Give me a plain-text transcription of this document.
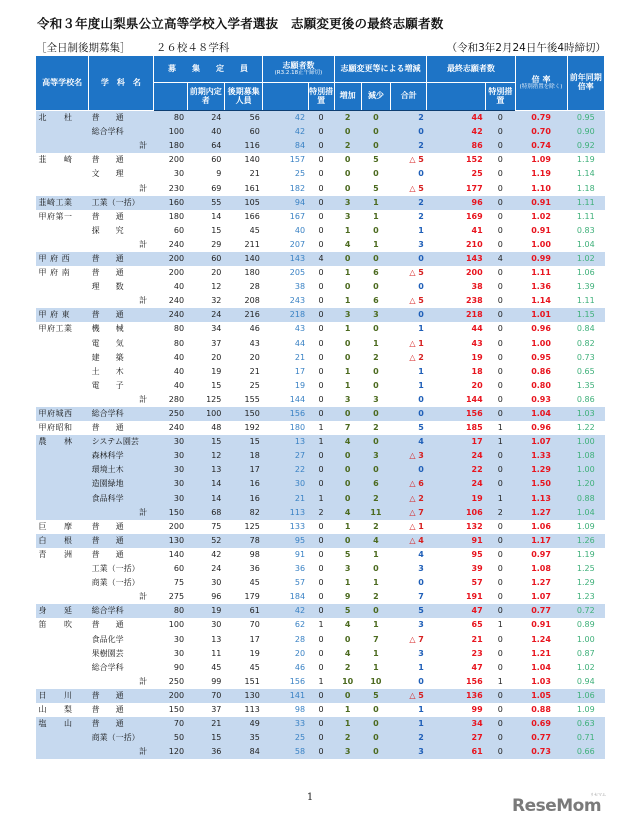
令和３年度山梨県公立高等学校入学者選抜　志願変更後の最終志願者数
［全日制後期募集］ ２６校４８学科	（令和3年2月24日午後4時締切）
高等学校名	学　科　名	募　　集　　定　　員			志願者数
(R3.2.18正午締切)		志願変更等による増減			最終志願者数		倍 率
(特別措置を除く)	前年同期倍率
			前期内定者	後期募集人員		特別措置	増加	減少	合計		特別措置		
北　　杜	普　　通	80	24	56	42	0	2	0	2	44	0	0.79	0.95
	総合学科	100	40	60	42	0	0	0	0	42	0	0.70	0.90
	計	180	64	116	84	0	2	0	2	86	0	0.74	0.92
韮　　崎	普　　通	200	60	140	157	0	0	5	△ 5	152	0	1.09	1.19
	文　　理	30	9	21	25	0	0	0	0	25	0	1.19	1.14
	計	230	69	161	182	0	0	5	△ 5	177	0	1.10	1.18
韮崎工業	工業（一括）	160	55	105	94	0	3	1	2	96	0	0.91	1.11
甲府第一	普　　通	180	14	166	167	0	3	1	2	169	0	1.02	1.11
	探　　究	60	15	45	40	0	1	0	1	41	0	0.91	0.83
	計	240	29	211	207	0	4	1	3	210	0	1.00	1.04
甲 府 西	普　　通	200	60	140	143	4	0	0	0	143	4	0.99	1.02
甲 府 南	普　　通	200	20	180	205	0	1	6	△ 5	200	0	1.11	1.06
	理　　数	40	12	28	38	0	0	0	0	38	0	1.36	1.39
	計	240	32	208	243	0	1	6	△ 5	238	0	1.14	1.11
甲 府 東	普　　通	240	24	216	218	0	3	3	0	218	0	1.01	1.15
甲府工業	機　　械	80	34	46	43	0	1	0	1	44	0	0.96	0.84
	電　　気	80	37	43	44	0	0	1	△ 1	43	0	1.00	0.82
	建　　築	40	20	20	21	0	0	2	△ 2	19	0	0.95	0.73
	土　　木	40	19	21	17	0	1	0	1	18	0	0.86	0.65
	電　　子	40	15	25	19	0	1	0	1	20	0	0.80	1.35
	計	280	125	155	144	0	3	3	0	144	0	0.93	0.86
甲府城西	総合学科	250	100	150	156	0	0	0	0	156	0	1.04	1.03
甲府昭和	普　　通	240	48	192	180	1	7	2	5	185	1	0.96	1.22
農　　林	システム園芸	30	15	15	13	1	4	0	4	17	1	1.07	1.00
	森林科学	30	12	18	27	0	0	3	△ 3	24	0	1.33	1.08
	環境土木	30	13	17	22	0	0	0	0	22	0	1.29	1.00
	造園緑地	30	14	16	30	0	0	6	△ 6	24	0	1.50	1.20
	食品科学	30	14	16	21	1	0	2	△ 2	19	1	1.13	0.88
	計	150	68	82	113	2	4	11	△ 7	106	2	1.27	1.04
巨　　摩	普　　通	200	75	125	133	0	1	2	△ 1	132	0	1.06	1.09
白　　根	普　　通	130	52	78	95	0	0	4	△ 4	91	0	1.17	1.26
青　　洲	普　　通	140	42	98	91	0	5	1	4	95	0	0.97	1.19
	工業（一括）	60	24	36	36	0	3	0	3	39	0	1.08	1.25
	商業（一括）	75	30	45	57	0	1	1	0	57	0	1.27	1.29
	計	275	96	179	184	0	9	2	7	191	0	1.07	1.23
身　　延	総合学科	80	19	61	42	0	5	0	5	47	0	0.77	0.72
笛　　吹	普　　通	100	30	70	62	1	4	1	3	65	1	0.91	0.89
	食品化学	30	13	17	28	0	0	7	△ 7	21	0	1.24	1.00
	果樹園芸	30	11	19	20	0	4	1	3	23	0	1.21	0.87
	総合学科	90	45	45	46	0	2	1	1	47	0	1.04	1.02
	計	250	99	151	156	1	10	10	0	156	1	1.03	0.94
日　　川	普　　通	200	70	130	141	0	0	5	△ 5	136	0	1.05	1.06
山　　梨	普　　通	150	37	113	98	0	1	0	1	99	0	0.88	1.09
塩　　山	普　　通	70	21	49	33	0	1	0	1	34	0	0.69	0.63
	商業（一括）	50	15	35	25	0	2	0	2	27	0	0.77	0.71
	計	120	36	84	58	0	3	0	3	61	0	0.73	0.66
1	ReseMom
リセマム
